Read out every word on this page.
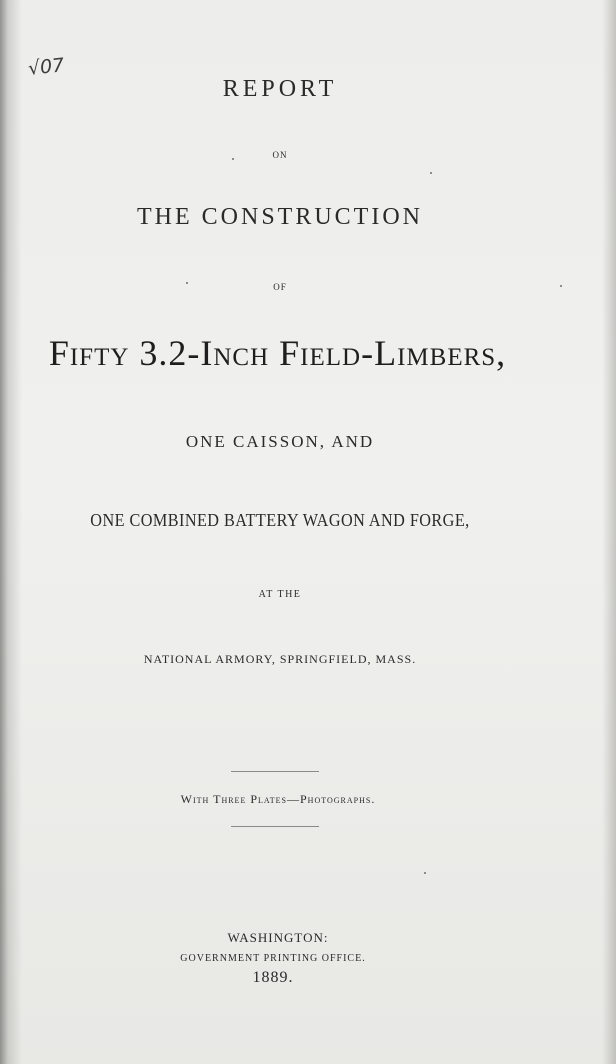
√07
REPORT
ON
THE CONSTRUCTION
OF
Fifty 3.2-Inch Field-Limbers,
ONE CAISSON, AND
ONE COMBINED BATTERY WAGON AND FORGE,
AT THE
NATIONAL ARMORY, SPRINGFIELD, MASS.
With Three Plates—Photographs.
WASHINGTON:
GOVERNMENT PRINTING OFFICE.
1889.
